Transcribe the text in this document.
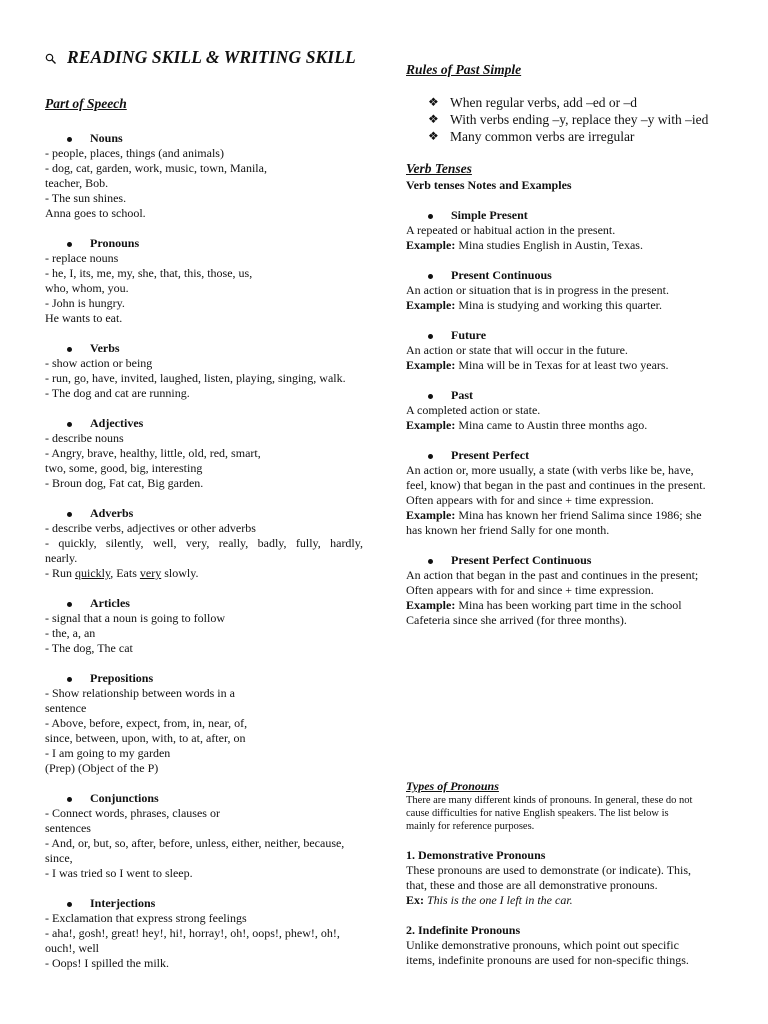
READING SKILL & WRITING SKILL
Part of Speech

Nouns

- people, places, things (and animals)

- dog, cat, garden, work, music, town, Manila,

teacher, Bob.

- The sun shines.

Anna goes to school.

Pronouns

- replace nouns

- he, I, its, me, my, she, that, this, those, us,

who, whom, you.

- John is hungry.

He wants to eat.

Verbs

- show action or being

- run, go, have, invited, laughed, listen, playing, singing, walk.

- The dog and cat are running.

Adjectives

- describe nouns

- Angry, brave, healthy, little, old, red, smart,

two, some, good, big, interesting

- Broun dog, Fat cat, Big garden.

Adverbs

- describe verbs, adjectives or other adverbs

- quickly, silently, well, very, really, badly, fully, hardly,

nearly.

- Run quickly, Eats very slowly.

Articles

- signal that a noun is going to follow

- the, a, an

- The dog, The cat

Prepositions

- Show relationship between words in a

sentence

- Above, before, expect, from, in, near, of,

since, between, upon, with, to at, after, on

- I am going to my garden

(Prep) (Object of the P)

Conjunctions

- Connect words, phrases, clauses or

sentences

- And, or, but, so, after, before, unless, either, neither, because,

since,

- I was tried so I went to sleep.

Interjections

- Exclamation that express strong feelings

- aha!, gosh!, great! hey!, hi!, horray!, oh!, oops!, phew!, oh!,

ouch!, well

- Oops! I spilled the milk.

Rules of Past Simple
❖ When regular verbs, add –ed or –d
❖ With verbs ending –y, replace they –y with –ied
❖ Many common verbs are irregular
Verb Tenses

Verb tenses Notes and Examples

Simple Present

A repeated or habitual action in the present.

Example: Mina studies English in Austin, Texas.

Present Continuous

An action or situation that is in progress in the present.

Example: Mina is studying and working this quarter.

Future

An action or state that will occur in the future.

Example: Mina will be in Texas for at least two years.

Past

A completed action or state.

Example: Mina came to Austin three months ago.

Present Perfect

An action or, more usually, a state (with verbs like be, have,

feel, know) that began in the past and continues in the present.

Often appears with for and since + time expression.

Example: Mina has known her friend Salima since 1986; she

has known her friend Sally for one month.

Present Perfect Continuous

An action that began in the past and continues in the present;

Often appears with for and since + time expression.

Example: Mina has been working part time in the school

Cafeteria since she arrived (for three months).

Types of Pronouns

There are many different kinds of pronouns. In general, these do not

cause difficulties for native English speakers. The list below is

mainly for reference purposes.

1. Demonstrative Pronouns

These pronouns are used to demonstrate (or indicate). This,

that, these and those are all demonstrative pronouns.

Ex: This is the one I left in the car.

2. Indefinite Pronouns

Unlike demonstrative pronouns, which point out specific

items, indefinite pronouns are used for non-specific things.
